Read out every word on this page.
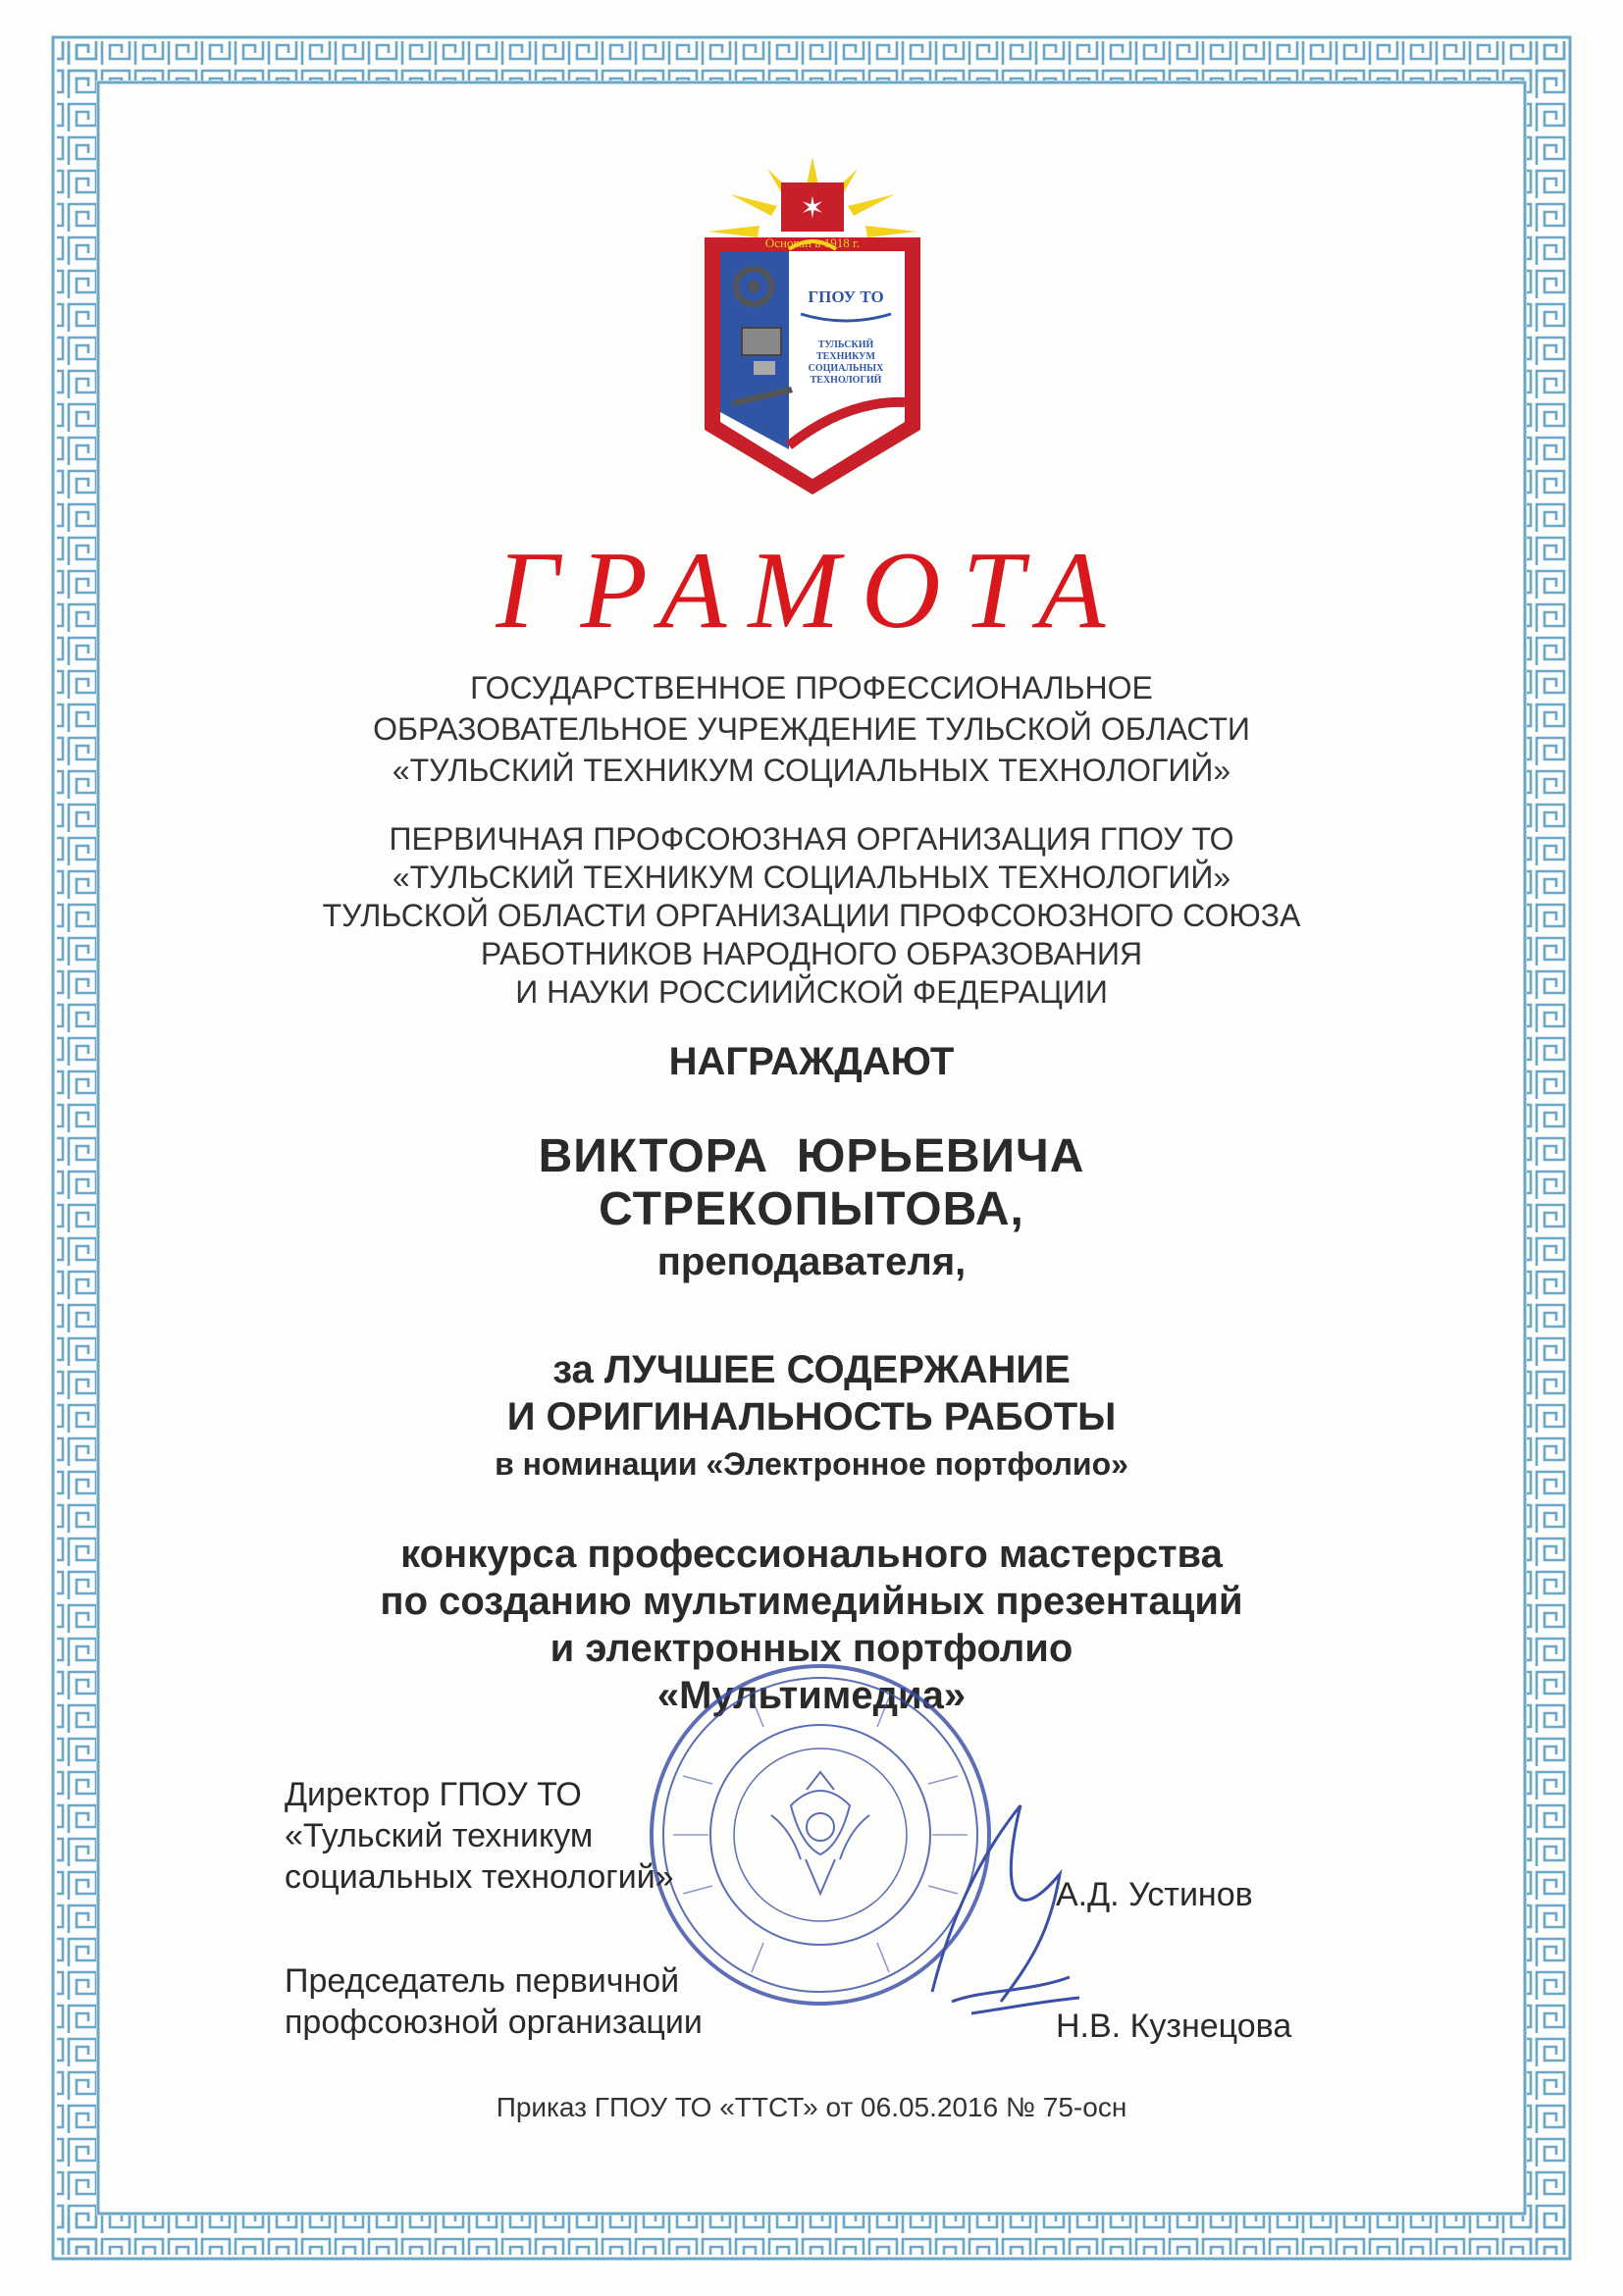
✶
Основан в 1918 г.
ГПОУ ТО
ТУЛЬСКИЙ
ТЕХНИКУМ
СОЦИАЛЬНЫХ
ТЕХНОЛОГИЙ
ГРАМОТА
ГОСУДАРСТВЕННОЕ ПРОФЕССИОНАЛЬНОЕ
ОБРАЗОВАТЕЛЬНОЕ УЧРЕЖДЕНИЕ ТУЛЬСКОЙ ОБЛАСТИ
«ТУЛЬСКИЙ ТЕХНИКУМ СОЦИАЛЬНЫХ ТЕХНОЛОГИЙ»
ПЕРВИЧНАЯ ПРОФСОЮЗНАЯ ОРГАНИЗАЦИЯ ГПОУ ТО
«ТУЛЬСКИЙ ТЕХНИКУМ СОЦИАЛЬНЫХ ТЕХНОЛОГИЙ»
ТУЛЬСКОЙ ОБЛАСТИ ОРГАНИЗАЦИИ ПРОФСОЮЗНОГО СОЮЗА
РАБОТНИКОВ НАРОДНОГО ОБРАЗОВАНИЯ
И НАУКИ РОССИИЙСКОЙ ФЕДЕРАЦИИ
НАГРАЖДАЮТ
ВИКТОРА  ЮРЬЕВИЧА
СТРЕКОПЫТОВА,
преподавателя,
за ЛУЧШЕЕ СОДЕРЖАНИЕ
И ОРИГИНАЛЬНОСТЬ РАБОТЫ
в номинации «Электронное портфолио»
конкурса профессионального мастерства
по созданию мультимедийных презентаций
и электронных портфолио
«Мультимедиа»
Директор ГПОУ ТО
«Тульский техникум
социальных технологий»	А.Д. Устинов
Председатель первичной
профсоюзной организации	Н.В. Кузнецова
Приказ ГПОУ ТО «ТТСТ» от 06.05.2016 № 75-осн
